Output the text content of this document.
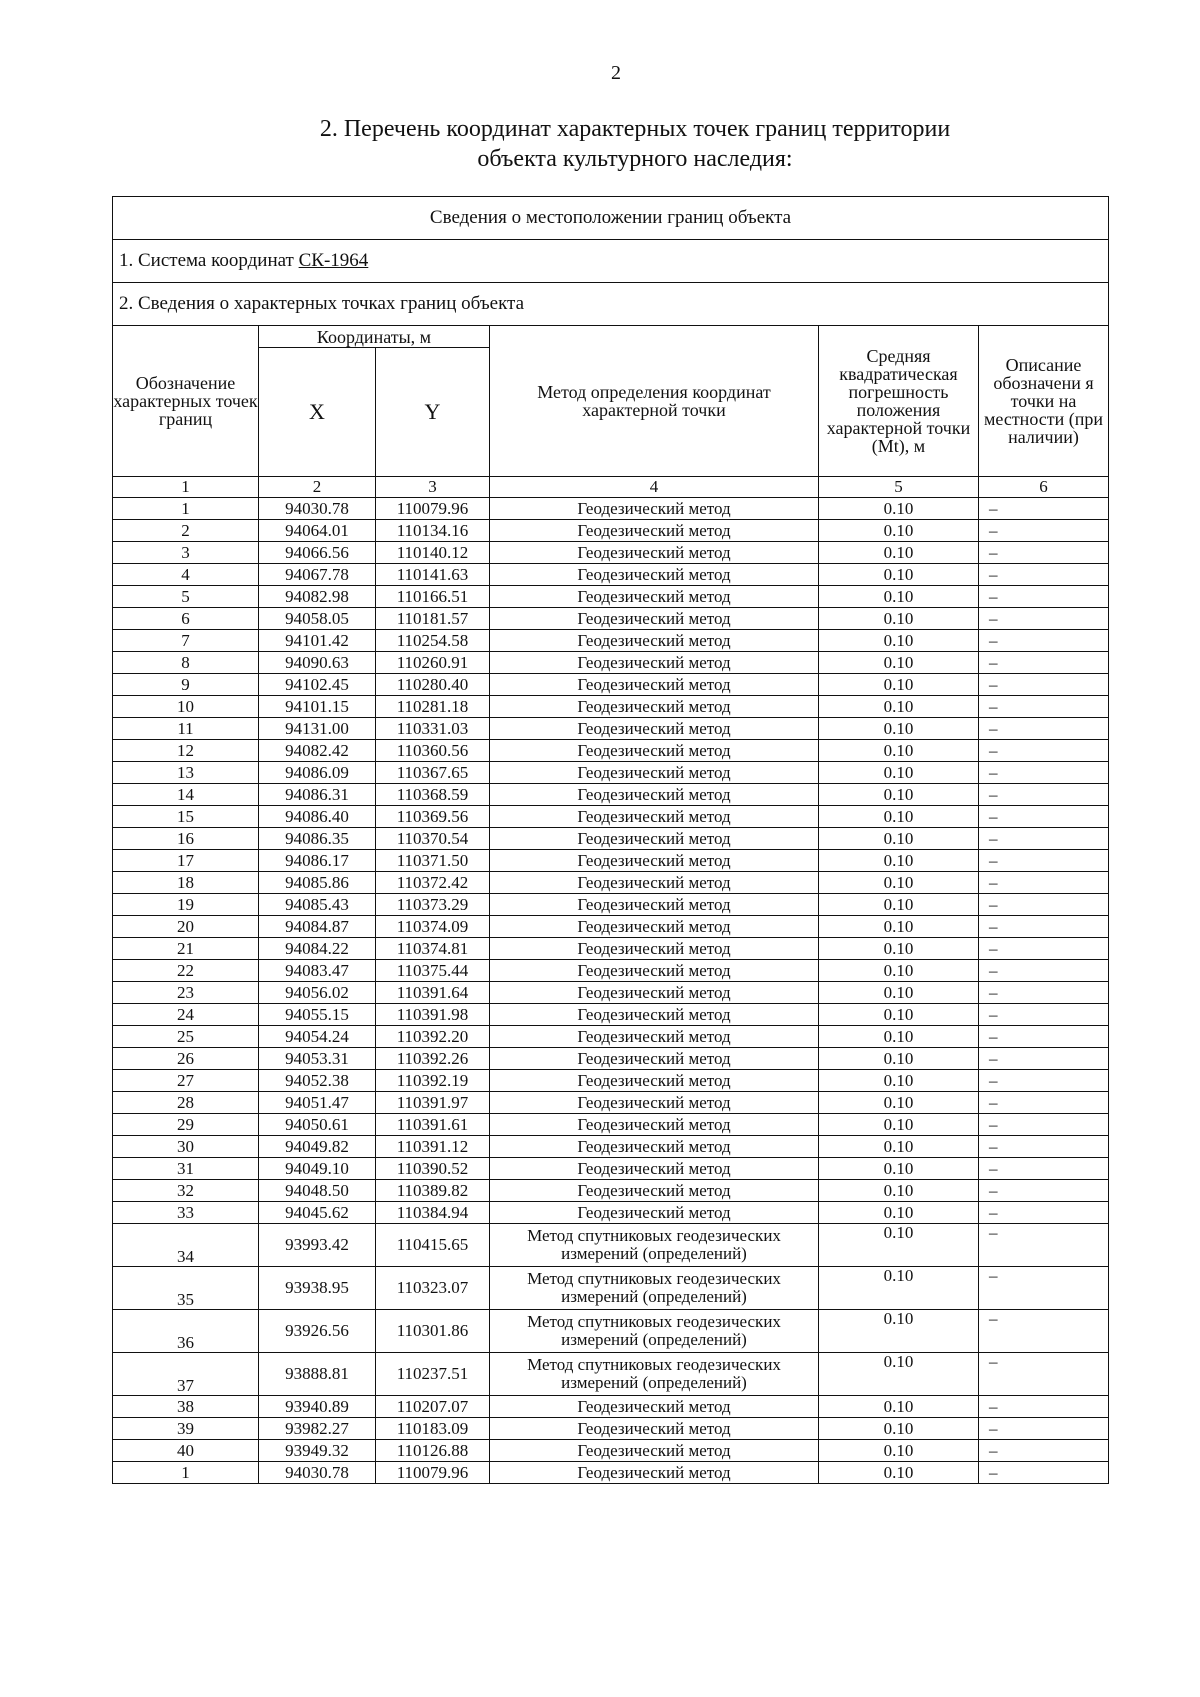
2
2. Перечень координат характерных точек границ территории
объекта культурного наследия:
Сведения о местоположении границ объекта					
1. Система координат СК-1964					
2. Сведения о характерных точках границ объекта					
Обозначение характерных точек границ	Координаты, м		Метод определения координат характерной точки	Средняя квадратическая погрешность положения характерной точки (Mt), м	Описание обозначени я точки на местности (при наличии)
	X	Y			
1	2	3	4	5	6
1	94030.78	110079.96	Геодезический метод	0.10	–
2	94064.01	110134.16	Геодезический метод	0.10	–
3	94066.56	110140.12	Геодезический метод	0.10	–
4	94067.78	110141.63	Геодезический метод	0.10	–
5	94082.98	110166.51	Геодезический метод	0.10	–
6	94058.05	110181.57	Геодезический метод	0.10	–
7	94101.42	110254.58	Геодезический метод	0.10	–
8	94090.63	110260.91	Геодезический метод	0.10	–
9	94102.45	110280.40	Геодезический метод	0.10	–
10	94101.15	110281.18	Геодезический метод	0.10	–
11	94131.00	110331.03	Геодезический метод	0.10	–
12	94082.42	110360.56	Геодезический метод	0.10	–
13	94086.09	110367.65	Геодезический метод	0.10	–
14	94086.31	110368.59	Геодезический метод	0.10	–
15	94086.40	110369.56	Геодезический метод	0.10	–
16	94086.35	110370.54	Геодезический метод	0.10	–
17	94086.17	110371.50	Геодезический метод	0.10	–
18	94085.86	110372.42	Геодезический метод	0.10	–
19	94085.43	110373.29	Геодезический метод	0.10	–
20	94084.87	110374.09	Геодезический метод	0.10	–
21	94084.22	110374.81	Геодезический метод	0.10	–
22	94083.47	110375.44	Геодезический метод	0.10	–
23	94056.02	110391.64	Геодезический метод	0.10	–
24	94055.15	110391.98	Геодезический метод	0.10	–
25	94054.24	110392.20	Геодезический метод	0.10	–
26	94053.31	110392.26	Геодезический метод	0.10	–
27	94052.38	110392.19	Геодезический метод	0.10	–
28	94051.47	110391.97	Геодезический метод	0.10	–
29	94050.61	110391.61	Геодезический метод	0.10	–
30	94049.82	110391.12	Геодезический метод	0.10	–
31	94049.10	110390.52	Геодезический метод	0.10	–
32	94048.50	110389.82	Геодезический метод	0.10	–
33	94045.62	110384.94	Геодезический метод	0.10	–
34	93993.42	110415.65	Метод спутниковых геодезических измерений (определений)	0.10	–
35	93938.95	110323.07	Метод спутниковых геодезических измерений (определений)	0.10	–
36	93926.56	110301.86	Метод спутниковых геодезических измерений (определений)	0.10	–
37	93888.81	110237.51	Метод спутниковых геодезических измерений (определений)	0.10	–
38	93940.89	110207.07	Геодезический метод	0.10	–
39	93982.27	110183.09	Геодезический метод	0.10	–
40	93949.32	110126.88	Геодезический метод	0.10	–
1	94030.78	110079.96	Геодезический метод	0.10	–
